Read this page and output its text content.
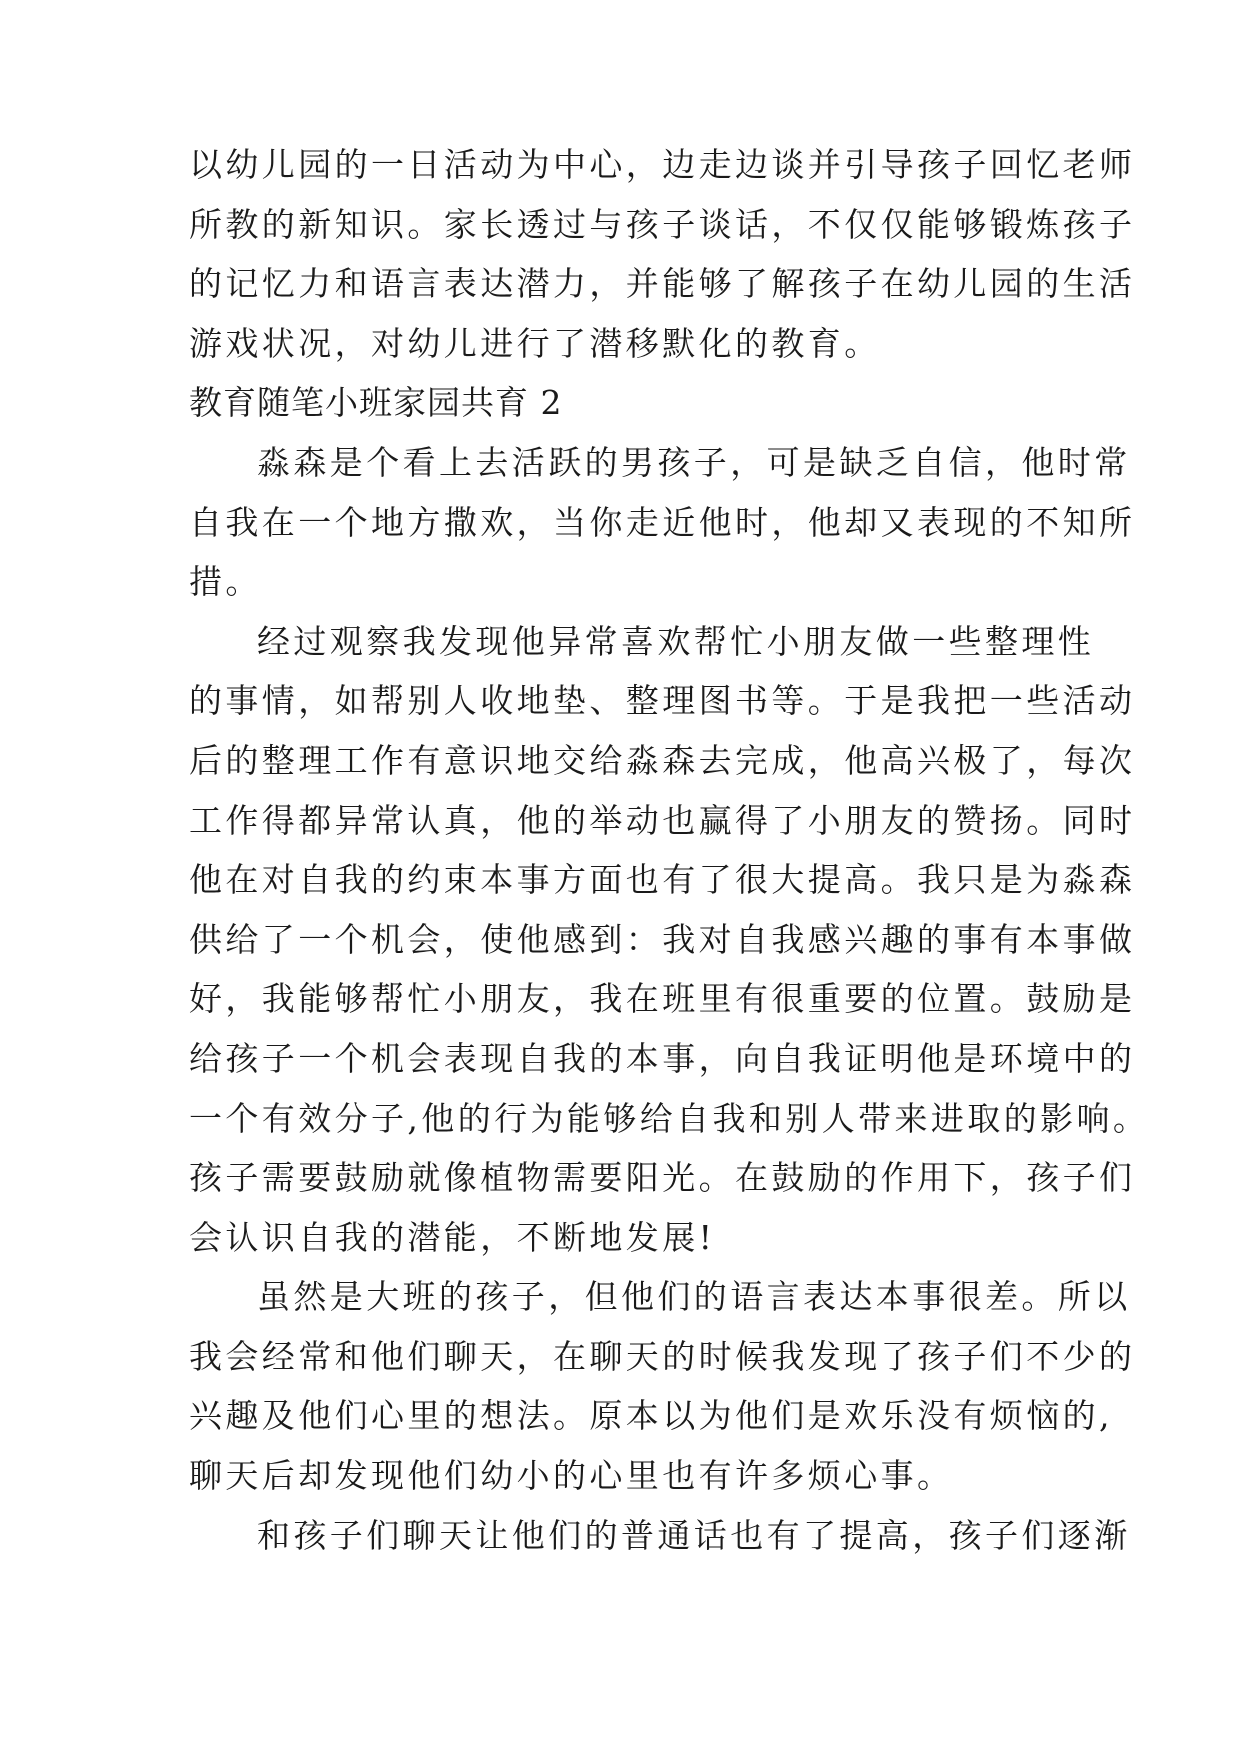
以幼儿园的一日活动为中心，边走边谈并引导孩子回忆老师
所教的新知识。家长透过与孩子谈话，不仅仅能够锻炼孩子
的记忆力和语言表达潜力，并能够了解孩子在幼儿园的生活
游戏状况，对幼儿进行了潜移默化的教育。
教育随笔小班家园共育 2
淼森是个看上去活跃的男孩子，可是缺乏自信，他时常
自我在一个地方撒欢，当你走近他时，他却又表现的不知所
措。
经过观察我发现他异常喜欢帮忙小朋友做一些整理性
的事情，如帮别人收地垫、整理图书等。于是我把一些活动
后的整理工作有意识地交给淼森去完成，他高兴极了，每次
工作得都异常认真，他的举动也赢得了小朋友的赞扬。同时
他在对自我的约束本事方面也有了很大提高。我只是为淼森
供给了一个机会，使他感到：我对自我感兴趣的事有本事做
好，我能够帮忙小朋友，我在班里有很重要的位置。鼓励是
给孩子一个机会表现自我的本事，向自我证明他是环境中的
一个有效分子,他的行为能够给自我和别人带来进取的影响。
孩子需要鼓励就像植物需要阳光。在鼓励的作用下，孩子们
会认识自我的潜能，不断地发展!
虽然是大班的孩子，但他们的语言表达本事很差。所以
我会经常和他们聊天，在聊天的时候我发现了孩子们不少的
兴趣及他们心里的想法。原本以为他们是欢乐没有烦恼的,
聊天后却发现他们幼小的心里也有许多烦心事。
和孩子们聊天让他们的普通话也有了提高，孩子们逐渐
